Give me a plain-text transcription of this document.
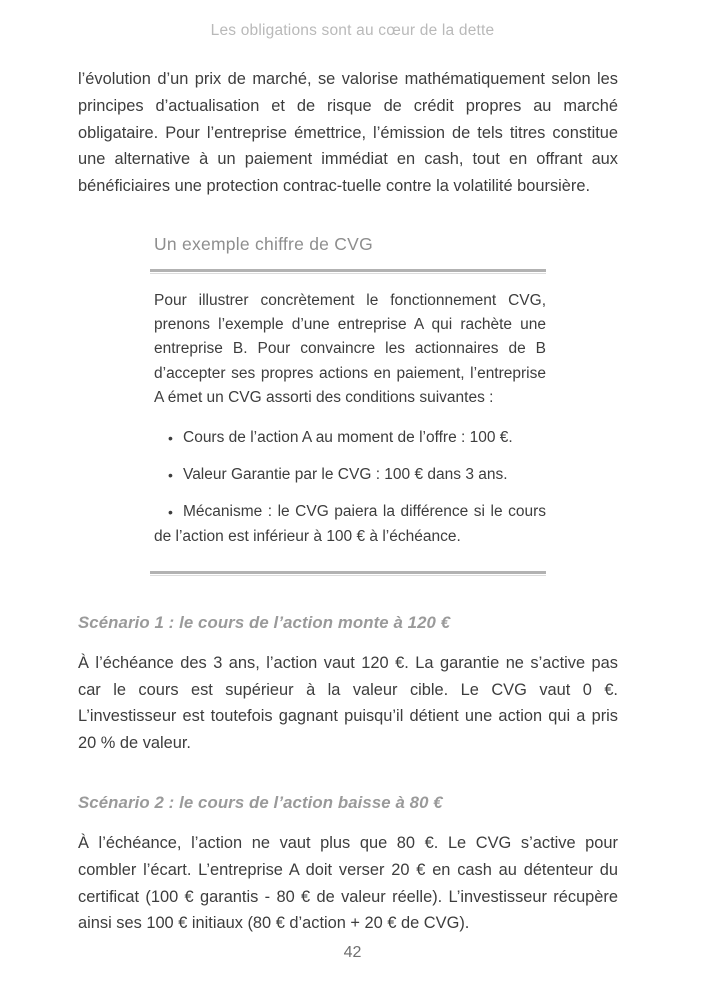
Les obligations sont au cœur de la dette

l’évolution d’un prix de marché, se valorise mathématiquement selon les principes d’actualisation et de risque de crédit propres au marché obligataire. Pour l’entreprise émettrice, l’émission de tels titres constitue une alternative à un paiement immédiat en cash, tout en offrant aux bénéficiaires une protection contrac-tuelle contre la volatilité boursière.

Un exemple chiffre de CVG

Pour illustrer concrètement le fonctionnement CVG, prenons l’exemple d’une entreprise A qui rachète une entreprise B. Pour convaincre les actionnaires de B d’accepter ses propres actions en paiement, l’entreprise A émet un CVG assorti des conditions suivantes :

• Cours de l’action A au moment de l’offre : 100 €.
• Valeur Garantie par le CVG : 100 € dans 3 ans.
• Mécanisme : le CVG paiera la différence si le cours de l’action est inférieur à 100 € à l’échéance.
Scénario 1 : le cours de l’action monte à 120 €

À l’échéance des 3 ans, l’action vaut 120 €. La garantie ne s’active pas car le cours est supérieur à la valeur cible. Le CVG vaut 0 €. L’investisseur est toutefois gagnant puisqu’il détient une action qui a pris 20 % de valeur.

Scénario 2 : le cours de l’action baisse à 80 €

À l’échéance, l’action ne vaut plus que 80 €. Le CVG s’active pour combler l’écart. L’entreprise A doit verser 20 € en cash au détenteur du certificat (100 € garantis - 80 € de valeur réelle). L’investisseur récupère ainsi ses 100 € initiaux (80 € d’action + 20 € de CVG).

42
